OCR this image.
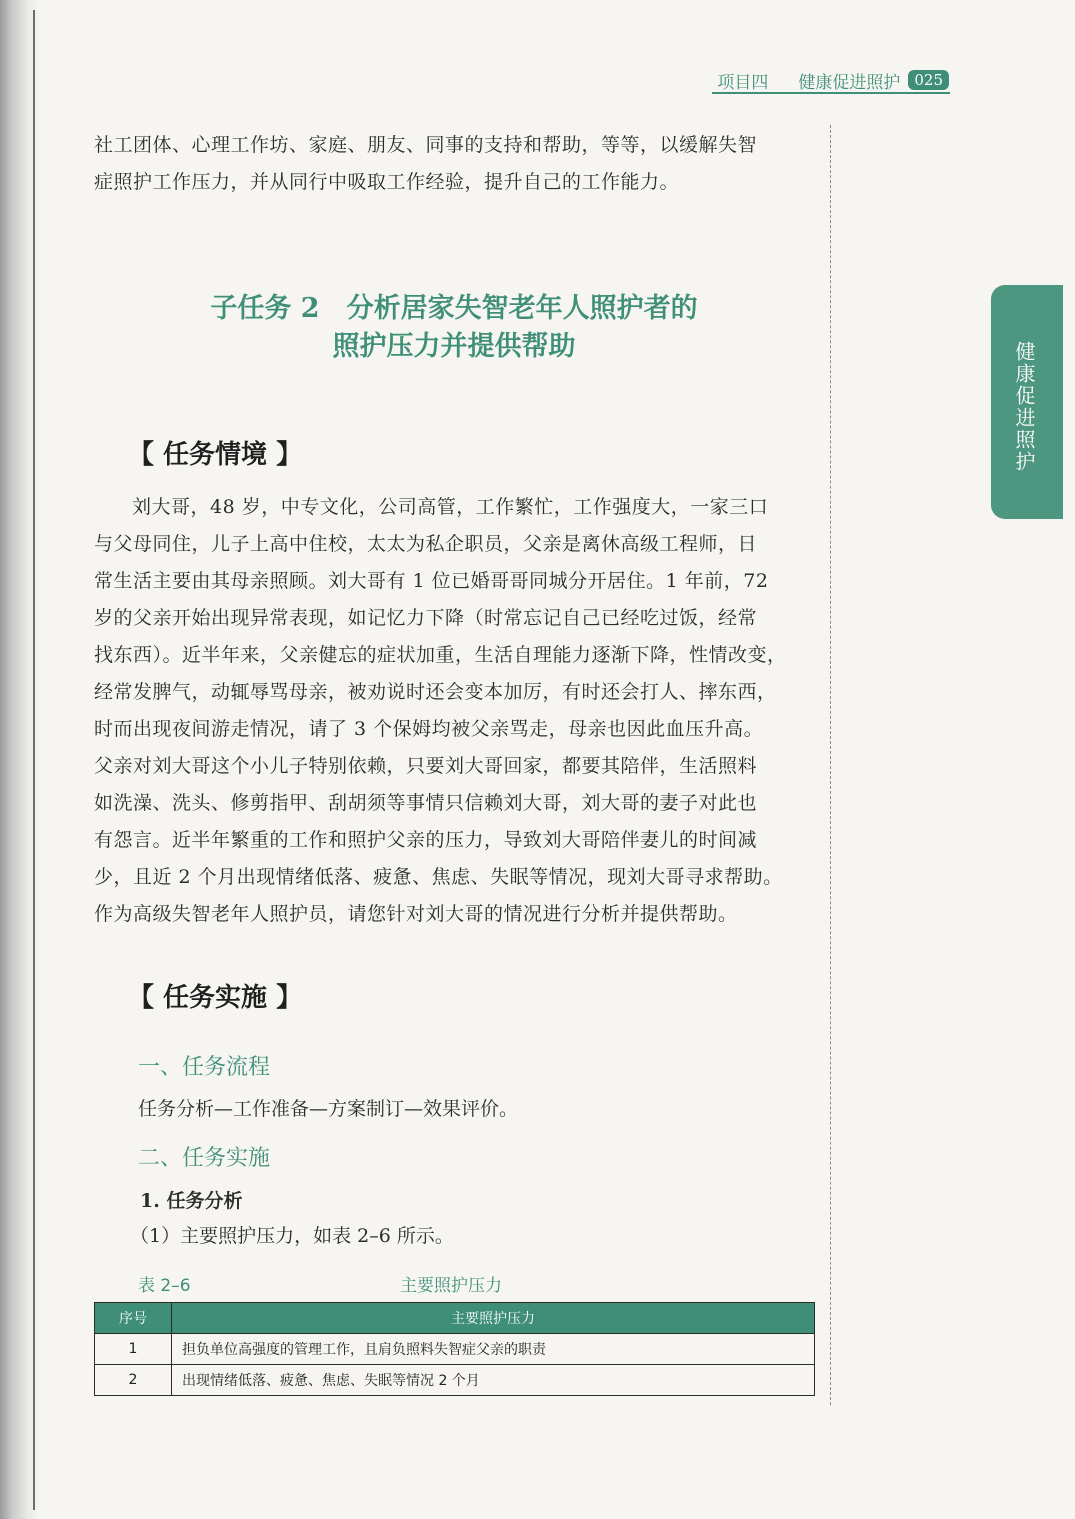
项目四 健康促进照护 025
健康促进照护
社工团体、心理工作坊、家庭、朋友、同事的支持和帮助，等等，以缓解失智
症照护工作压力，并从同行中吸取工作经验，提升自己的工作能力。
子任务 2　分析居家失智老年人照护者的
照护压力并提供帮助
【 任务情境 】
刘大哥，48 岁，中专文化，公司高管，工作繁忙，工作强度大，一家三口
与父母同住，儿子上高中住校，太太为私企职员，父亲是离休高级工程师，日
常生活主要由其母亲照顾。刘大哥有 1 位已婚哥哥同城分开居住。1 年前，72
岁的父亲开始出现异常表现，如记忆力下降（时常忘记自己已经吃过饭，经常
找东西）。近半年来，父亲健忘的症状加重，生活自理能力逐渐下降，性情改变，
经常发脾气，动辄辱骂母亲，被劝说时还会变本加厉，有时还会打人、摔东西，
时而出现夜间游走情况，请了 3 个保姆均被父亲骂走，母亲也因此血压升高。
父亲对刘大哥这个小儿子特别依赖，只要刘大哥回家，都要其陪伴，生活照料
如洗澡、洗头、修剪指甲、刮胡须等事情只信赖刘大哥，刘大哥的妻子对此也
有怨言。近半年繁重的工作和照护父亲的压力，导致刘大哥陪伴妻儿的时间减
少，且近 2 个月出现情绪低落、疲惫、焦虑、失眠等情况，现刘大哥寻求帮助。
作为高级失智老年人照护员，请您针对刘大哥的情况进行分析并提供帮助。
【 任务实施 】
一、任务流程
任务分析—工作准备—方案制订—效果评价。
二、任务实施
1. 任务分析
（1）主要照护压力，如表 2–6 所示。
表 2–6	主要照护压力
序号	主要照护压力
1	担负单位高强度的管理工作，且肩负照料失智症父亲的职责
2	出现情绪低落、疲惫、焦虑、失眠等情况 2 个月
